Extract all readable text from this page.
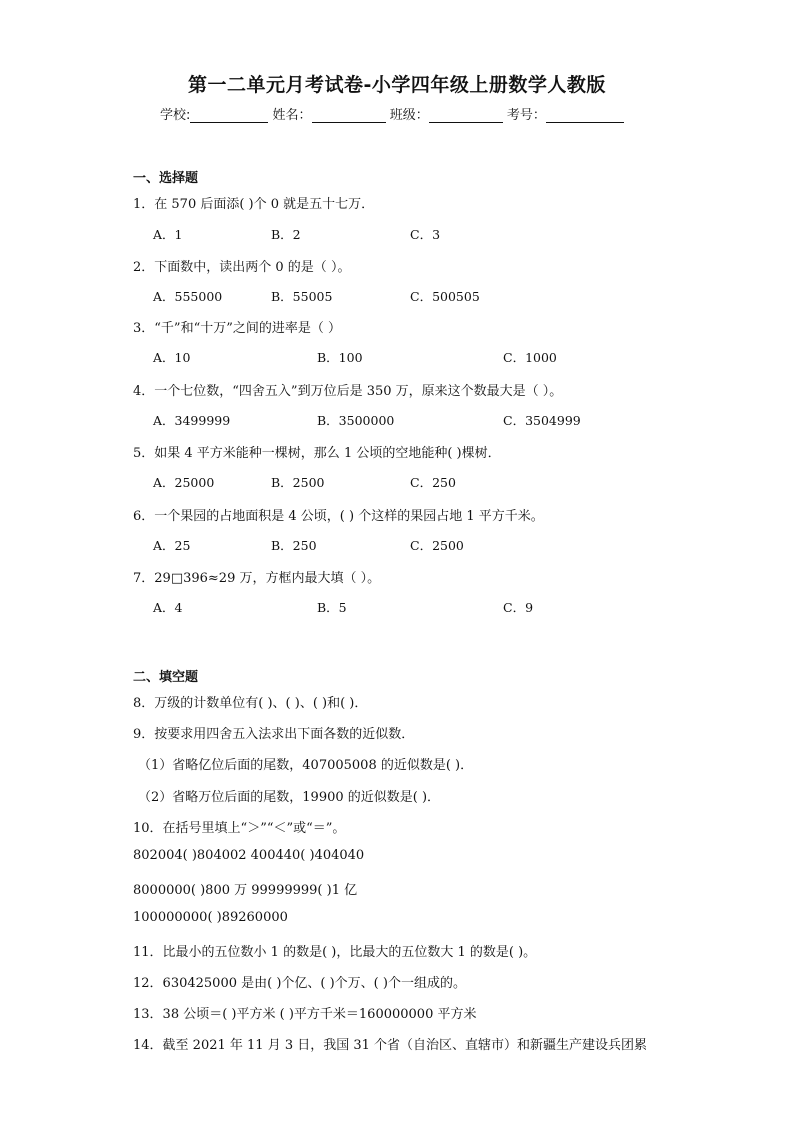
第一二单元月考试卷-小学四年级上册数学人教版
学校:	姓名：	班级：	考号：
一、选择题
1．在 570 后面添( )个 0 就是五十七万．
A．1	B．2	C．3
2．下面数中，读出两个 0 的是（ ）。
A．555000	B．55005	C．500505
3．“千”和“十万”之间的进率是（ ）
A．10	B．100	C．1000
4．一个七位数，“四舍五入”到万位后是 350 万，原来这个数最大是（ ）。
A．3499999	B．3500000	C．3504999
5．如果 4 平方米能种一棵树，那么 1 公顷的空地能种( )棵树．
A．25000	B．2500	C．250
6．一个果园的占地面积是 4 公顷，( ) 个这样的果园占地 1 平方千米。
A．25	B．250	C．2500
7．29□396≈29 万，方框内最大填（ ）。
A．4	B．5	C．9
二、填空题
8．万级的计数单位有( )、( )、( )和( )．
9．按要求用四舍五入法求出下面各数的近似数．
（1）省略亿位后面的尾数，407005008 的近似数是( )．
（2）省略万位后面的尾数，19900 的近似数是( )．
10．在括号里填上“＞”“＜”或“＝”。
802004( )804002 400440( )404040
8000000( )800 万 99999999( )1 亿
100000000( )89260000
11．比最小的五位数小 1 的数是( )，比最大的五位数大 1 的数是( )。
12．630425000 是由( )个亿、( )个万、( )个一组成的。
13．38 公顷＝( )平方米 ( )平方千米＝160000000 平方米
14．截至 2021 年 11 月 3 日，我国 31 个省（自治区、直辖市）和新疆生产建设兵团累
